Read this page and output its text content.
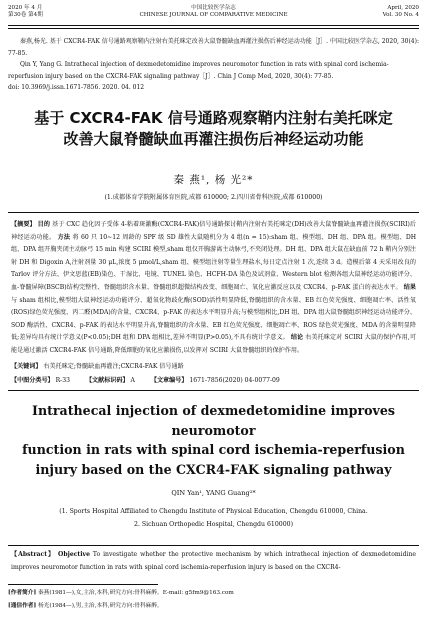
2020 年 4 月
第30卷 第4期
中国比较医学杂志
CHINESE JOURNAL OF COMPARATIVE MEDICINE
April, 2020
Vol. 30 No. 4

秦燕,杨光. 基于 CXCR4-FAK 信号通路观察鞘内注射右美托咪定改善大鼠脊髓缺血再灌注损伤后神经运动功能［J］. 中国比较医学杂志, 2020, 30(4): 77-85.

Qin Y, Yang G. Intrathecal injection of dexmedetomidine improves neuromotor function in rats with spinal cord ischemia-reperfusion injury based on the CXCR4-FAK signaling pathway［J］. Chin J Comp Med, 2020, 30(4): 77-85.

doi: 10.3969/j.issn.1671-7856. 2020. 04. 012

基于 CXCR4-FAK 信号通路观察鞘内注射右美托咪定
改善大鼠脊髓缺血再灌注损伤后神经运动功能
秦 燕¹, 杨 光²*
(1.成都体育学院附属体育医院,成都 610000; 2.四川省骨科医院,成都 610000)

【摘要】 目的 基于 CXC 趋化因子受体 4-粘着斑激酶(CXCR4-FAK)信号通路探讨鞘内注射右美托咪定(DH)改善大鼠脊髓缺血再灌注损伤(SCIRI)后神经运动功能。 方法 将 60 只 10~12 周龄的 SPF 级 SD 雄性大鼠随机分为 4 组(n = 15):sham 组、模型组、DH 组、DPA 组。模型组、DH 组、DPA 组开胸夹闭主动脉弓 15 min 构建 SCIRI 模型,sham 组仅开胸游离主动脉弓,不夹闭处理。DH 组、DPA 组大鼠在缺血前 72 h 鞘内分别注射 DH 和 Digoxin A,注射剂量 30 μL,浓度 5 μmol/L,sham 组、模型组注射等量生理盐水,每日定点注射 1 次,连续 3 d。造模后第 4 天采用改良的 Tarlov 评分方法、伊文思蓝(EB)染色、干湿比、电镜、TUNEL 染色、HCFH-DA 染色及试剂盒、Western blot 检测各组大鼠神经运动功能评分、血-脊髓屏障(BSCB)结构完整性、脊髓组织含水量、脊髓组织超微结构改变、细胞凋亡、氧化应激反应以及 CXCR4、p-FAK 蛋白的表达水平。 结果 与 sham 组相比,模型组大鼠神经运动功能评分、超氧化物歧化酶(SOD)活性明显降低,脊髓组织的含水量、EB 红色荧光强度、细胞凋亡率、活性氧(ROS)绿色荧光强度、丙二醛(MDA)的含量、CXCR4、p-FAK 的表达水平明显升高;与模型组相比,DH 组、DPA 组大鼠脊髓组织神经运动功能评分、SOD 酶活性、CXCR4、p-FAK 的表达水平明显升高,脊髓组织的含水量、EB 红色荧光强度、细胞凋亡率、ROS 绿色荧光强度、MDA 的含量明显降低;差异均具有统计学意义(P<0.05);DH 组和 DPA 组相比,差异不明显(P>0.05),不具有统计学意义。 结论 右美托咪定对 SCIRI 大鼠的保护作用,可能是通过激活 CXCR4-FAK 信号通路,降低细胞的氧化应激损伤,以发挥对 SCIRI 大鼠脊髓组织的保护作用。

【关键词】 右美托咪定;脊髓缺血再灌注;CXCR4-FAK 信号通路
【中图分类号】 R-33	【文献标识码】 A	【文章编号】 1671-7856(2020) 04-0077-09
Intrathecal injection of dexmedetomidine improves neuromotor
function in rats with spinal cord ischemia-reperfusion
injury based on the CXCR4-FAK signaling pathway
QIN Yan¹, YANG Guang²*
(1. Sports Hospital Affiliated to Chengdu Institute of Physical Education, Chengdu 610000, China.
2. Sichuan Orthopedic Hospital, Chengdu 610000)

【Abstract】 Objective To investigate whether the protective mechanism by which intrathecal injection of dexmedetomidine improves neuromotor function in rats with spinal cord ischemia-reperfusion injury is based on the CXCR4-

[作者简介] 秦燕(1981—),女,主治,本科,研究方向:骨科麻醉。E-mail: g5fm9@163.com
[通信作者] 杨光(1984—),男,主治,本科,研究方向:骨科麻醉。
